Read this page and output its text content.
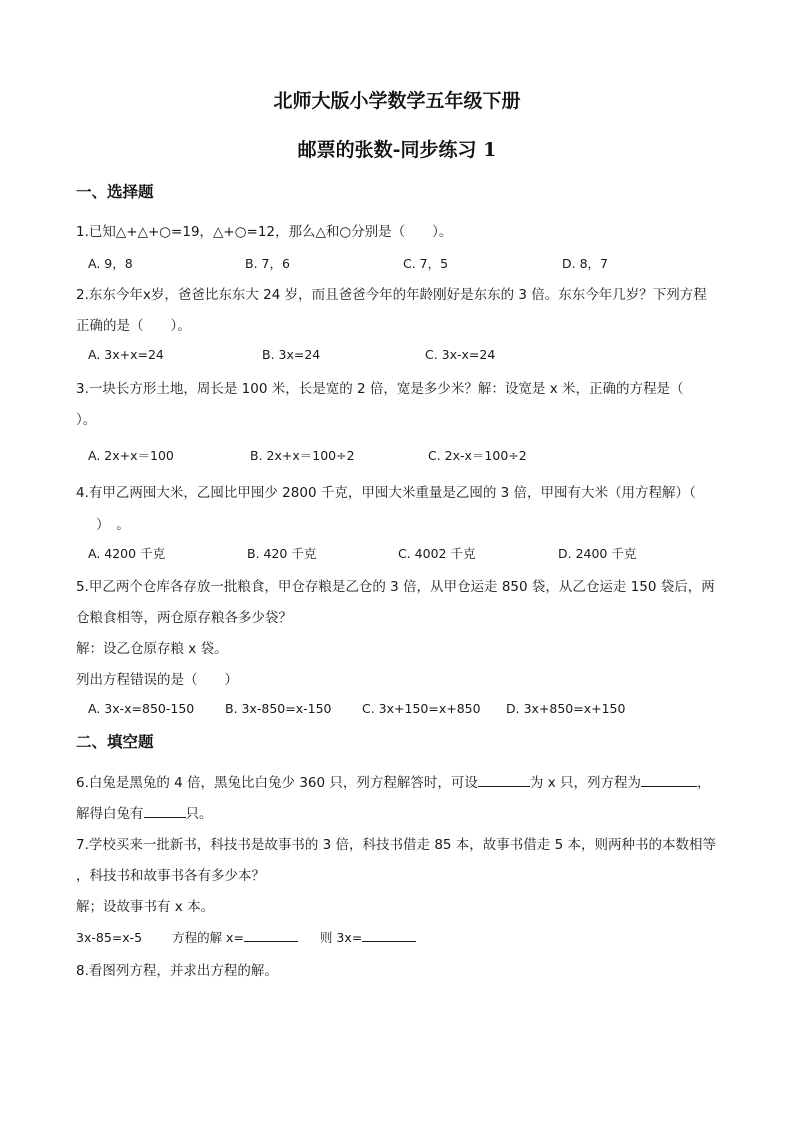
北师大版小学数学五年级下册
邮票的张数-同步练习 1
一、选择题
1.已知△+△+○=19，△+○=12，那么△和○分别是（　　）。
A. 9，8	B. 7，6	C. 7，5	D. 8，7
2.东东今年x岁，爸爸比东东大 24 岁，而且爸爸今年的年龄刚好是东东的 3 倍。东东今年几岁？下列方程
正确的是（　　）。
A. 3x+x=24	B. 3x=24	C. 3x-x=24
3.一块长方形土地，周长是 100 米，长是宽的 2 倍，宽是多少米？解：设宽是 x 米，正确的方程是（
）。
A. 2x+x＝100	B. 2x+x＝100÷2	C. 2x-x＝100÷2
4.有甲乙两囤大米，乙囤比甲囤少 2800 千克，甲囤大米重量是乙囤的 3 倍，甲囤有大米（用方程解）（
）　。
A. 4200 千克	B. 420 千克	C. 4002 千克	D. 2400 千克
5.甲乙两个仓库各存放一批粮食，甲仓存粮是乙仓的 3 倍，从甲仓运走 850 袋，从乙仓运走 150 袋后，两
仓粮食相等，两仓原存粮各多少袋？
解：设乙仓原存粮 x 袋。
列出方程错误的是（　　）
A. 3x-x=850-150 B. 3x-850=x-150 C. 3x+150=x+850 D. 3x+850=x+150
二、填空题
6.白兔是黑兔的 4 倍，黑兔比白兔少 360 只，列方程解答时，可设	为 x 只，列方程为	，
解得白兔有	只。
7.学校买来一批新书，科技书是故事书的 3 倍，科技书借走 85 本，故事书借走 5 本，则两种书的本数相等
，科技书和故事书各有多少本？
解；设故事书有 x 本。
3x-85=x-5 方程的解 x=	则 3x=
8.看图列方程，并求出方程的解。
